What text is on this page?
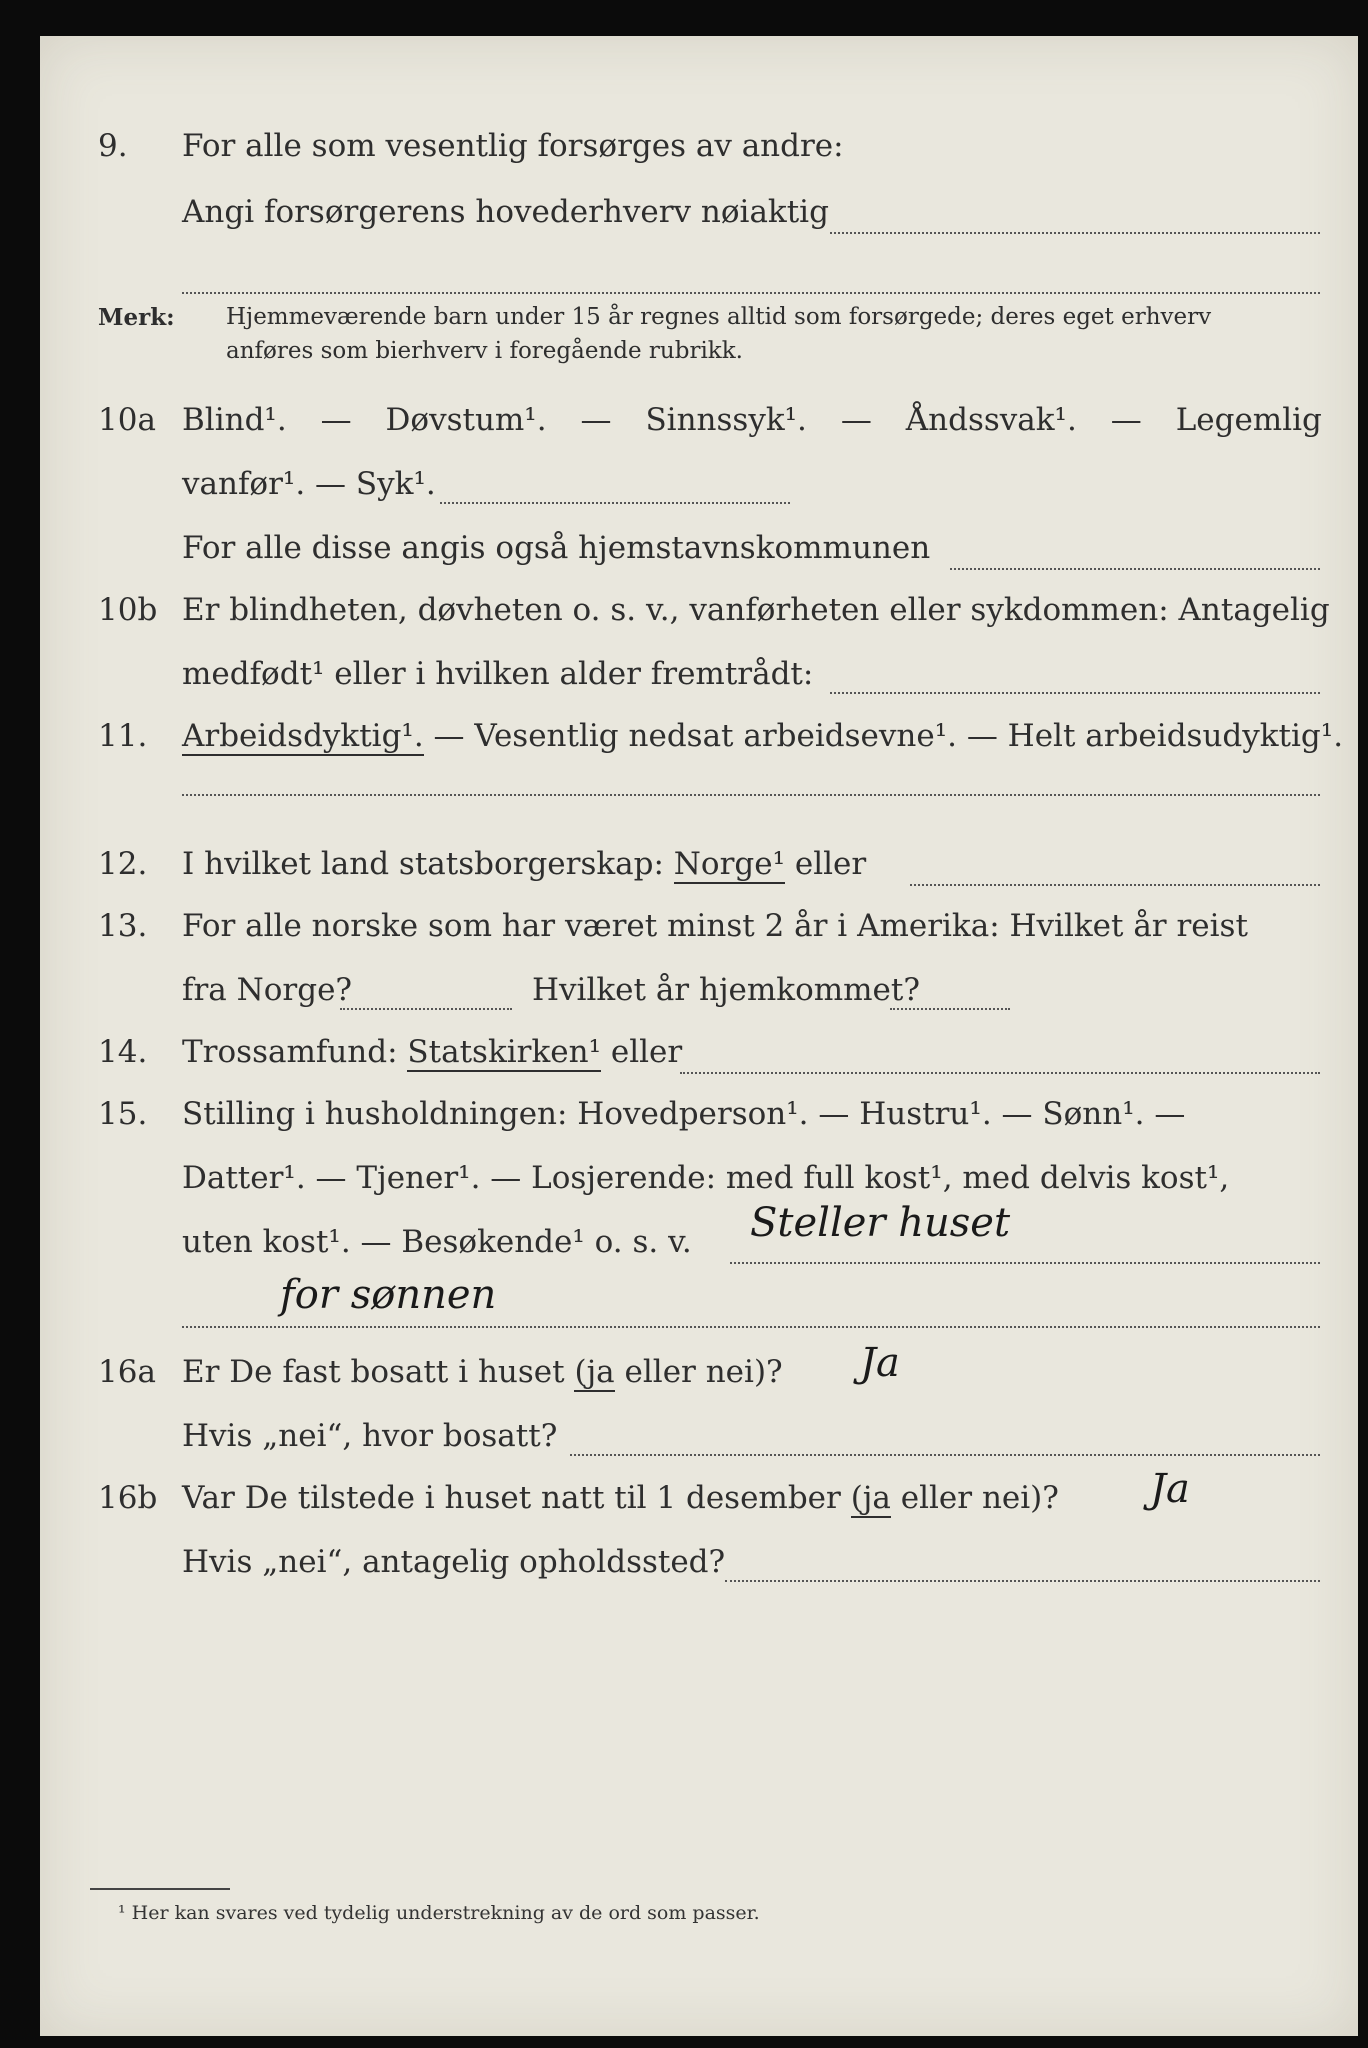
9. For alle som vesentlig forsørges av andre:
Angi forsørgerens hovederhverv nøiaktig
Merk: Hjemmeværende barn under 15 år regnes alltid som forsørgede; deres eget erhverv
anføres som bierhverv i foregående rubrikk.
10a Blind¹. — Døvstum¹. — Sinnssyk¹. — Åndssvak¹. — Legemlig
vanfør¹. — Syk¹.
For alle disse angis også hjemstavnskommunen
10b Er blindheten, døvheten o. s. v., vanførheten eller sykdommen: Antagelig
medfødt¹ eller i hvilken alder fremtrådt:
11. Arbeidsdyktig¹. — Vesentlig nedsat arbeidsevne¹. — Helt arbeidsudyktig¹.
12. I hvilket land statsborgerskap: Norge¹ eller
13. For alle norske som har været minst 2 år i Amerika: Hvilket år reist
fra Norge?	Hvilket år hjemkommet?
14. Trossamfund: Statskirken¹ eller
15. Stilling i husholdningen: Hovedperson¹. — Hustru¹. — Sønn¹. —
Datter¹. — Tjener¹. — Losjerende: med full kost¹, med delvis kost¹,
uten kost¹. — Besøkende¹ o. s. v. Steller huset
for sønnen
16a Er De fast bosatt i huset (ja eller nei)? Ja
Hvis „nei“, hvor bosatt?
16b Var De tilstede i huset natt til 1 desember (ja eller nei)? Ja
Hvis „nei“, antagelig opholdssted?
¹ Her kan svares ved tydelig understrekning av de ord som passer.
